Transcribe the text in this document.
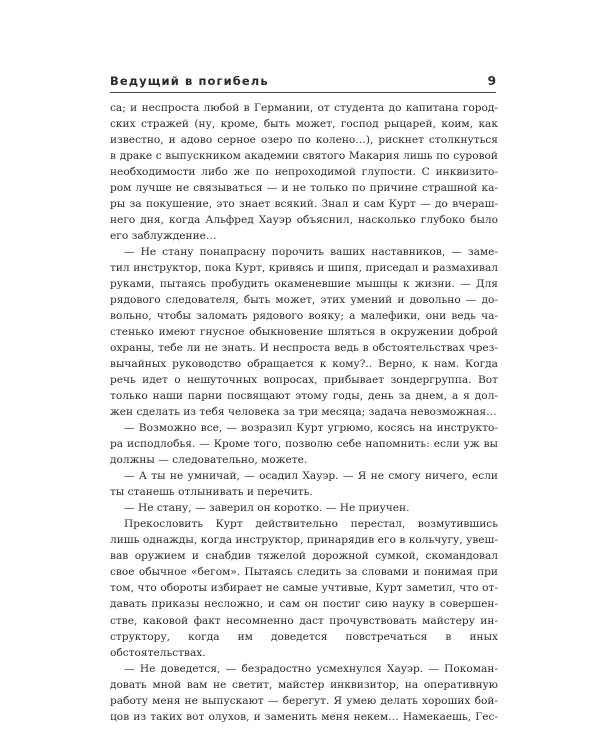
Ведущий в погибель	9
са; и неспроста любой в Германии, от студента до капитана город-
ских стражей (ну, кроме, быть может, господ рыцарей, коим, как
известно, и адово серное озеро по колено…), рискнет столкнуться
в драке с выпускником академии святого Макария лишь по суровой
необходимости либо же по непроходимой глупости. С инквизито-
ром лучше не связываться — и не только по причине страшной ка-
ры за покушение, это знает всякий. Знал и сам Курт — до вчераш-
него дня, когда Альфред Хауэр объяснил, насколько глубоко было
его заблуждение…
— Не стану понапрасну порочить ваших наставников, — заме-
тил инструктор, пока Курт, кривясь и шипя, приседал и размахивал
руками, пытаясь пробудить окаменевшие мышцы к жизни. — Для
рядового следователя, быть может, этих умений и довольно — до-
вольно, чтобы заломать рядового вояку; а малефики, они ведь ча-
стенько имеют гнусное обыкновение шляться в окружении доброй
охраны, тебе ли не знать. И неспроста ведь в обстоятельствах чрез-
вычайных руководство обращается к кому?.. Верно, к нам. Когда
речь идет о нешуточных вопросах, прибывает зондергруппа. Вот
только наши парни посвящают этому годы, день за днем, а я дол-
жен сделать из тебя человека за три месяца; задача невозможная…
— Возможно все, — возразил Курт угрюмо, косясь на инструкто-
ра исподлобья. — Кроме того, позволю себе напомнить: если уж вы
должны — следовательно, можете.
— А ты не умничай, — осадил Хауэр. — Я не смогу ничего, если
ты станешь отлынивать и перечить.
— Не стану, — заверил он коротко. — Не приучен.
Прекословить Курт действительно перестал, возмутившись
лишь однажды, когда инструктор, принарядив его в кольчугу, увеш-
вав оружием и снабдив тяжелой дорожной сумкой, скомандовал
свое обычное «бегом». Пытаясь следить за словами и понимая при
том, что обороты избирает не самые учтивые, Курт заметил, что от-
давать приказы несложно, и сам он постиг сию науку в совершен-
стве, каковой факт несомненно даст прочувствовать майстеру ин-
структору, когда им доведется повстречаться в иных
обстоятельствах.
— Не доведется, — безрадостно усмехнулся Хауэр. — Покоман-
довать мной вам не светит, майстер инквизитор, на оперативную
работу меня не выпускают — берегут. Я умею делать хороших бой-
цов из таких вот олухов, и заменить меня некем… Намекаешь, Гес-
